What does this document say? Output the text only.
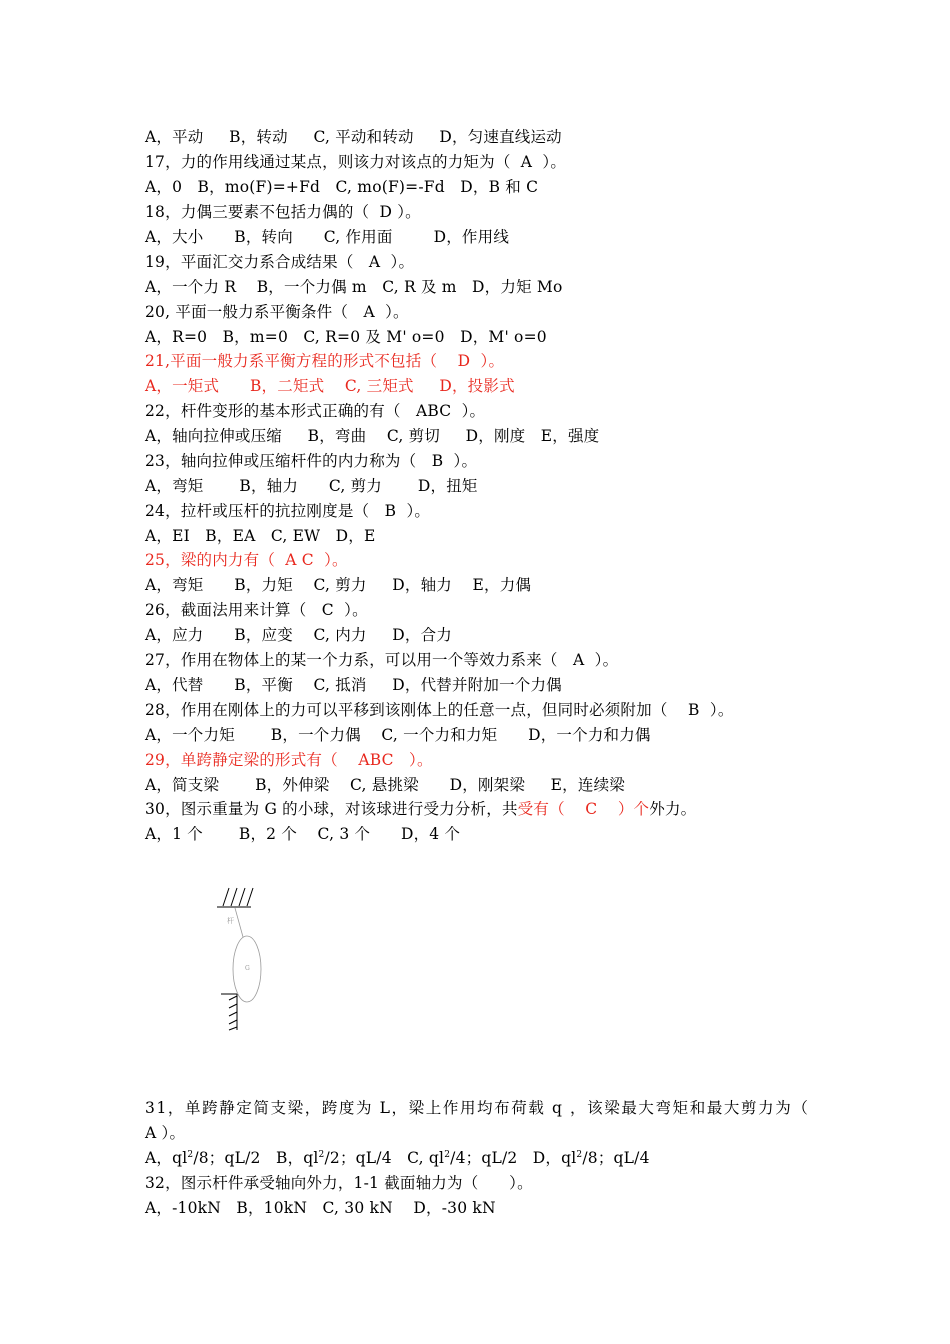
A，平动     B，转动     C, 平动和转动     D，匀速直线运动
17，力的作用线通过某点，则该力对该点的力矩为（  A  ）。
A，0   B，mo(F)=+Fd   C, mo(F)=-Fd   D，B 和 C
18，力偶三要素不包括力偶的（  D ）。
A，大小      B，转向      C, 作用面        D，作用线
19，平面汇交力系合成结果（   A  ）。
A，一个力 R    B，一个力偶 m   C, R 及 m   D，力矩 Mo
20, 平面一般力系平衡条件（   A  ）。
A，R=0   B，m=0   C, R=0 及 M' o=0   D，M' o=0
21,平面一般力系平衡方程的形式不包括（    D  ）。
A，一矩式      B，二矩式    C, 三矩式     D，投影式
22，杆件变形的基本形式正确的有（   ABC  ）。
A，轴向拉伸或压缩     B，弯曲    C, 剪切     D，刚度   E，强度
23，轴向拉伸或压缩杆件的内力称为（   B  ）。
A，弯矩       B，轴力      C, 剪力       D，扭矩
24，拉杆或压杆的抗拉刚度是（   B  ）。
A，EI   B，EA   C, EW   D，E
25，梁的内力有（  A C  ）。
A，弯矩      B，力矩    C, 剪力     D，轴力    E，力偶
26，截面法用来计算（   C  ）。
A，应力      B，应变    C, 内力     D，合力
27，作用在物体上的某一个力系，可以用一个等效力系来（   A  ）。
A，代替      B，平衡    C, 抵消     D，代替并附加一个力偶
28，作用在刚体上的力可以平移到该刚体上的任意一点，但同时必须附加（    B  ）。
A，一个力矩       B，一个力偶    C, 一个力和力矩      D，一个力和力偶
29，单跨静定梁的形式有（    ABC   ）。
A，简支梁       B，外伸梁    C, 悬挑梁      D，刚架梁     E，连续梁
30，图示重量为 G 的小球，对该球进行受力分析，共受有（    C    ）个外力。
A，1 个       B，2 个    C, 3 个      D，4 个
杆
G
31，单跨静定简支梁，跨度为 L，梁上作用均布荷载 q ，该梁最大弯矩和最大剪力为（
A ）。
A，$ql^2/8$；qL/2   B，$ql^2/2$；qL/4   C, $ql^2/4$；qL/2   D，$ql^2/8$；qL/4
32，图示杆件承受轴向外力，1-1 截面轴力为（      ）。
A，-10kN   B，10kN   C, 30 kN    D，-30 kN
